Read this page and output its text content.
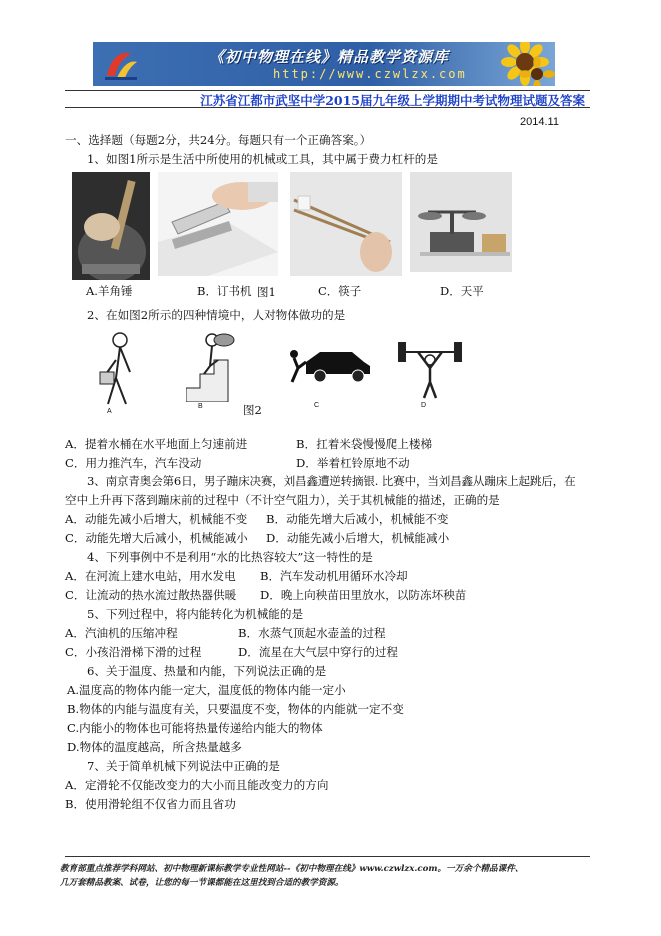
《初中物理在线》精品教学资源库
http://www.czwlzx.com
江苏省江都市武坚中学2015届九年级上学期期中考试物理试题及答案
2014.11
一、选择题（每题2分，共24分。每题只有一个正确答案。）
1、如图1所示是生活中所使用的机械或工具，其中属于费力杠杆的是
A.羊角锤	B．订书机 图1	C．筷子	D．天平
2、在如图2所示的四种情境中，人对物体做功的是
A
B	C	D
图2
A．提着水桶在水平地面上匀速前进	B．扛着米袋慢慢爬上楼梯
C．用力推汽车，汽车没动	D．举着杠铃原地不动
3、南京青奥会第6日，男子蹦床决赛，刘昌鑫遭逆转摘银. 比赛中，当刘昌鑫从蹦床上起跳后，在
空中上升再下落到蹦床前的过程中（不计空气阻力），关于其机械能的描述，正确的是
A．动能先减小后增大，机械能不变 B．动能先增大后减小，机械能不变
C．动能先增大后减小，机械能减小 D．动能先减小后增大，机械能减小
4、下列事例中不是利用“水的比热容较大”这一特性的是
A．在河流上建水电站，用水发电 B．汽车发动机用循环水冷却
C．让流动的热水流过散热器供暖 D．晚上向秧苗田里放水，以防冻坏秧苗
5、下列过程中，将内能转化为机械能的是
A．汽油机的压缩冲程	B．水蒸气顶起水壶盖的过程
C．小孩沿滑梯下滑的过程	D．流星在大气层中穿行的过程
6、关于温度、热量和内能，下列说法正确的是
A.温度高的物体内能一定大，温度低的物体内能一定小
B.物体的内能与温度有关，只要温度不变，物体的内能就一定不变
C.内能小的物体也可能将热量传递给内能大的物体
D.物体的温度越高，所含热量越多
7、关于简单机械下列说法中正确的是
A．定滑轮不仅能改变力的大小而且能改变力的方向
B．使用滑轮组不仅省力而且省功
教育部重点推荐学科网站、初中物理新课标教学专业性网站--《初中物理在线》www.czwlzx.com。一万余个精品课件、
几万套精品教案、试卷，让您的每一节课都能在这里找到合适的教学资源。
